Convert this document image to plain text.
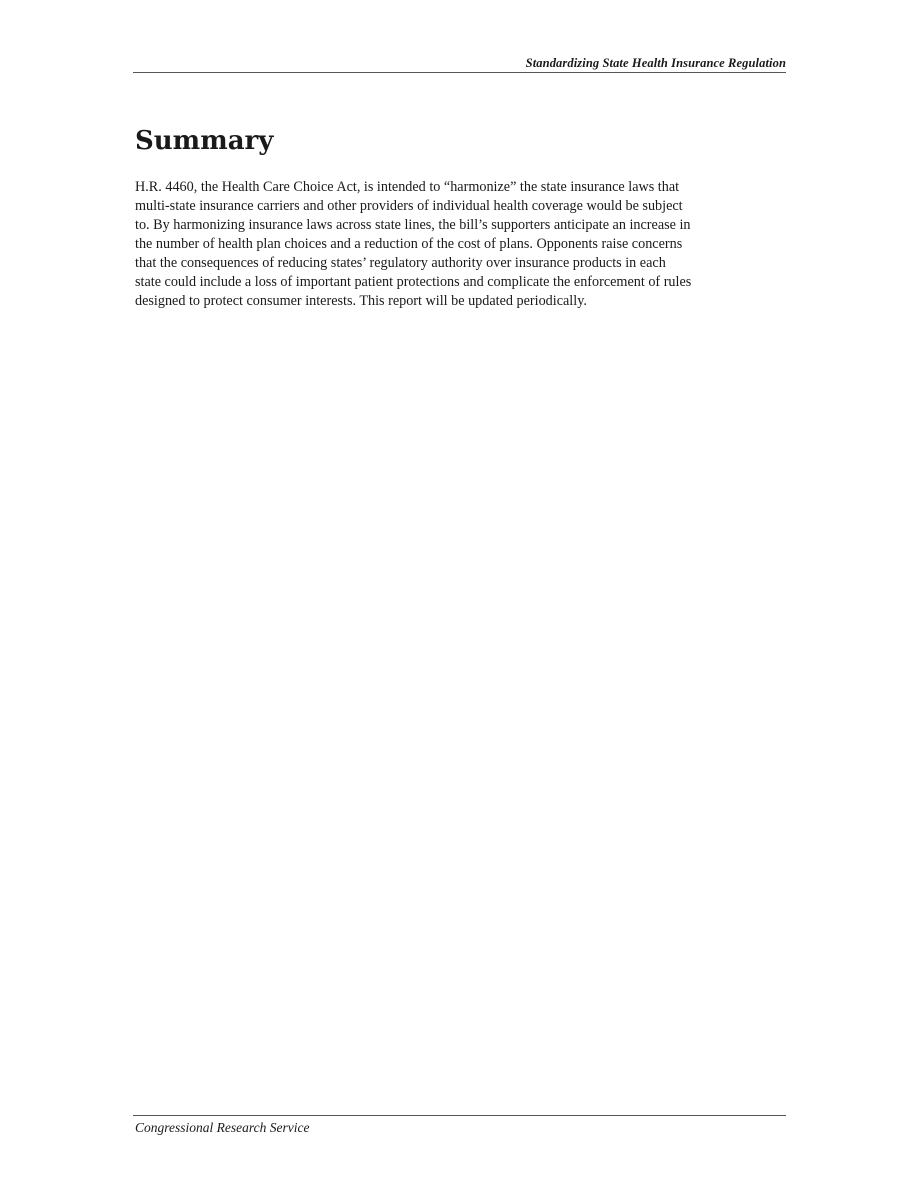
Standardizing State Health Insurance Regulation
Summary

H.R. 4460, the Health Care Choice Act, is intended to “harmonize” the state insurance laws that
multi-state insurance carriers and other providers of individual health coverage would be subject
to. By harmonizing insurance laws across state lines, the bill’s supporters anticipate an increase in
the number of health plan choices and a reduction of the cost of plans. Opponents raise concerns
that the consequences of reducing states’ regulatory authority over insurance products in each
state could include a loss of important patient protections and complicate the enforcement of rules
designed to protect consumer interests. This report will be updated periodically.

Congressional Research Service
